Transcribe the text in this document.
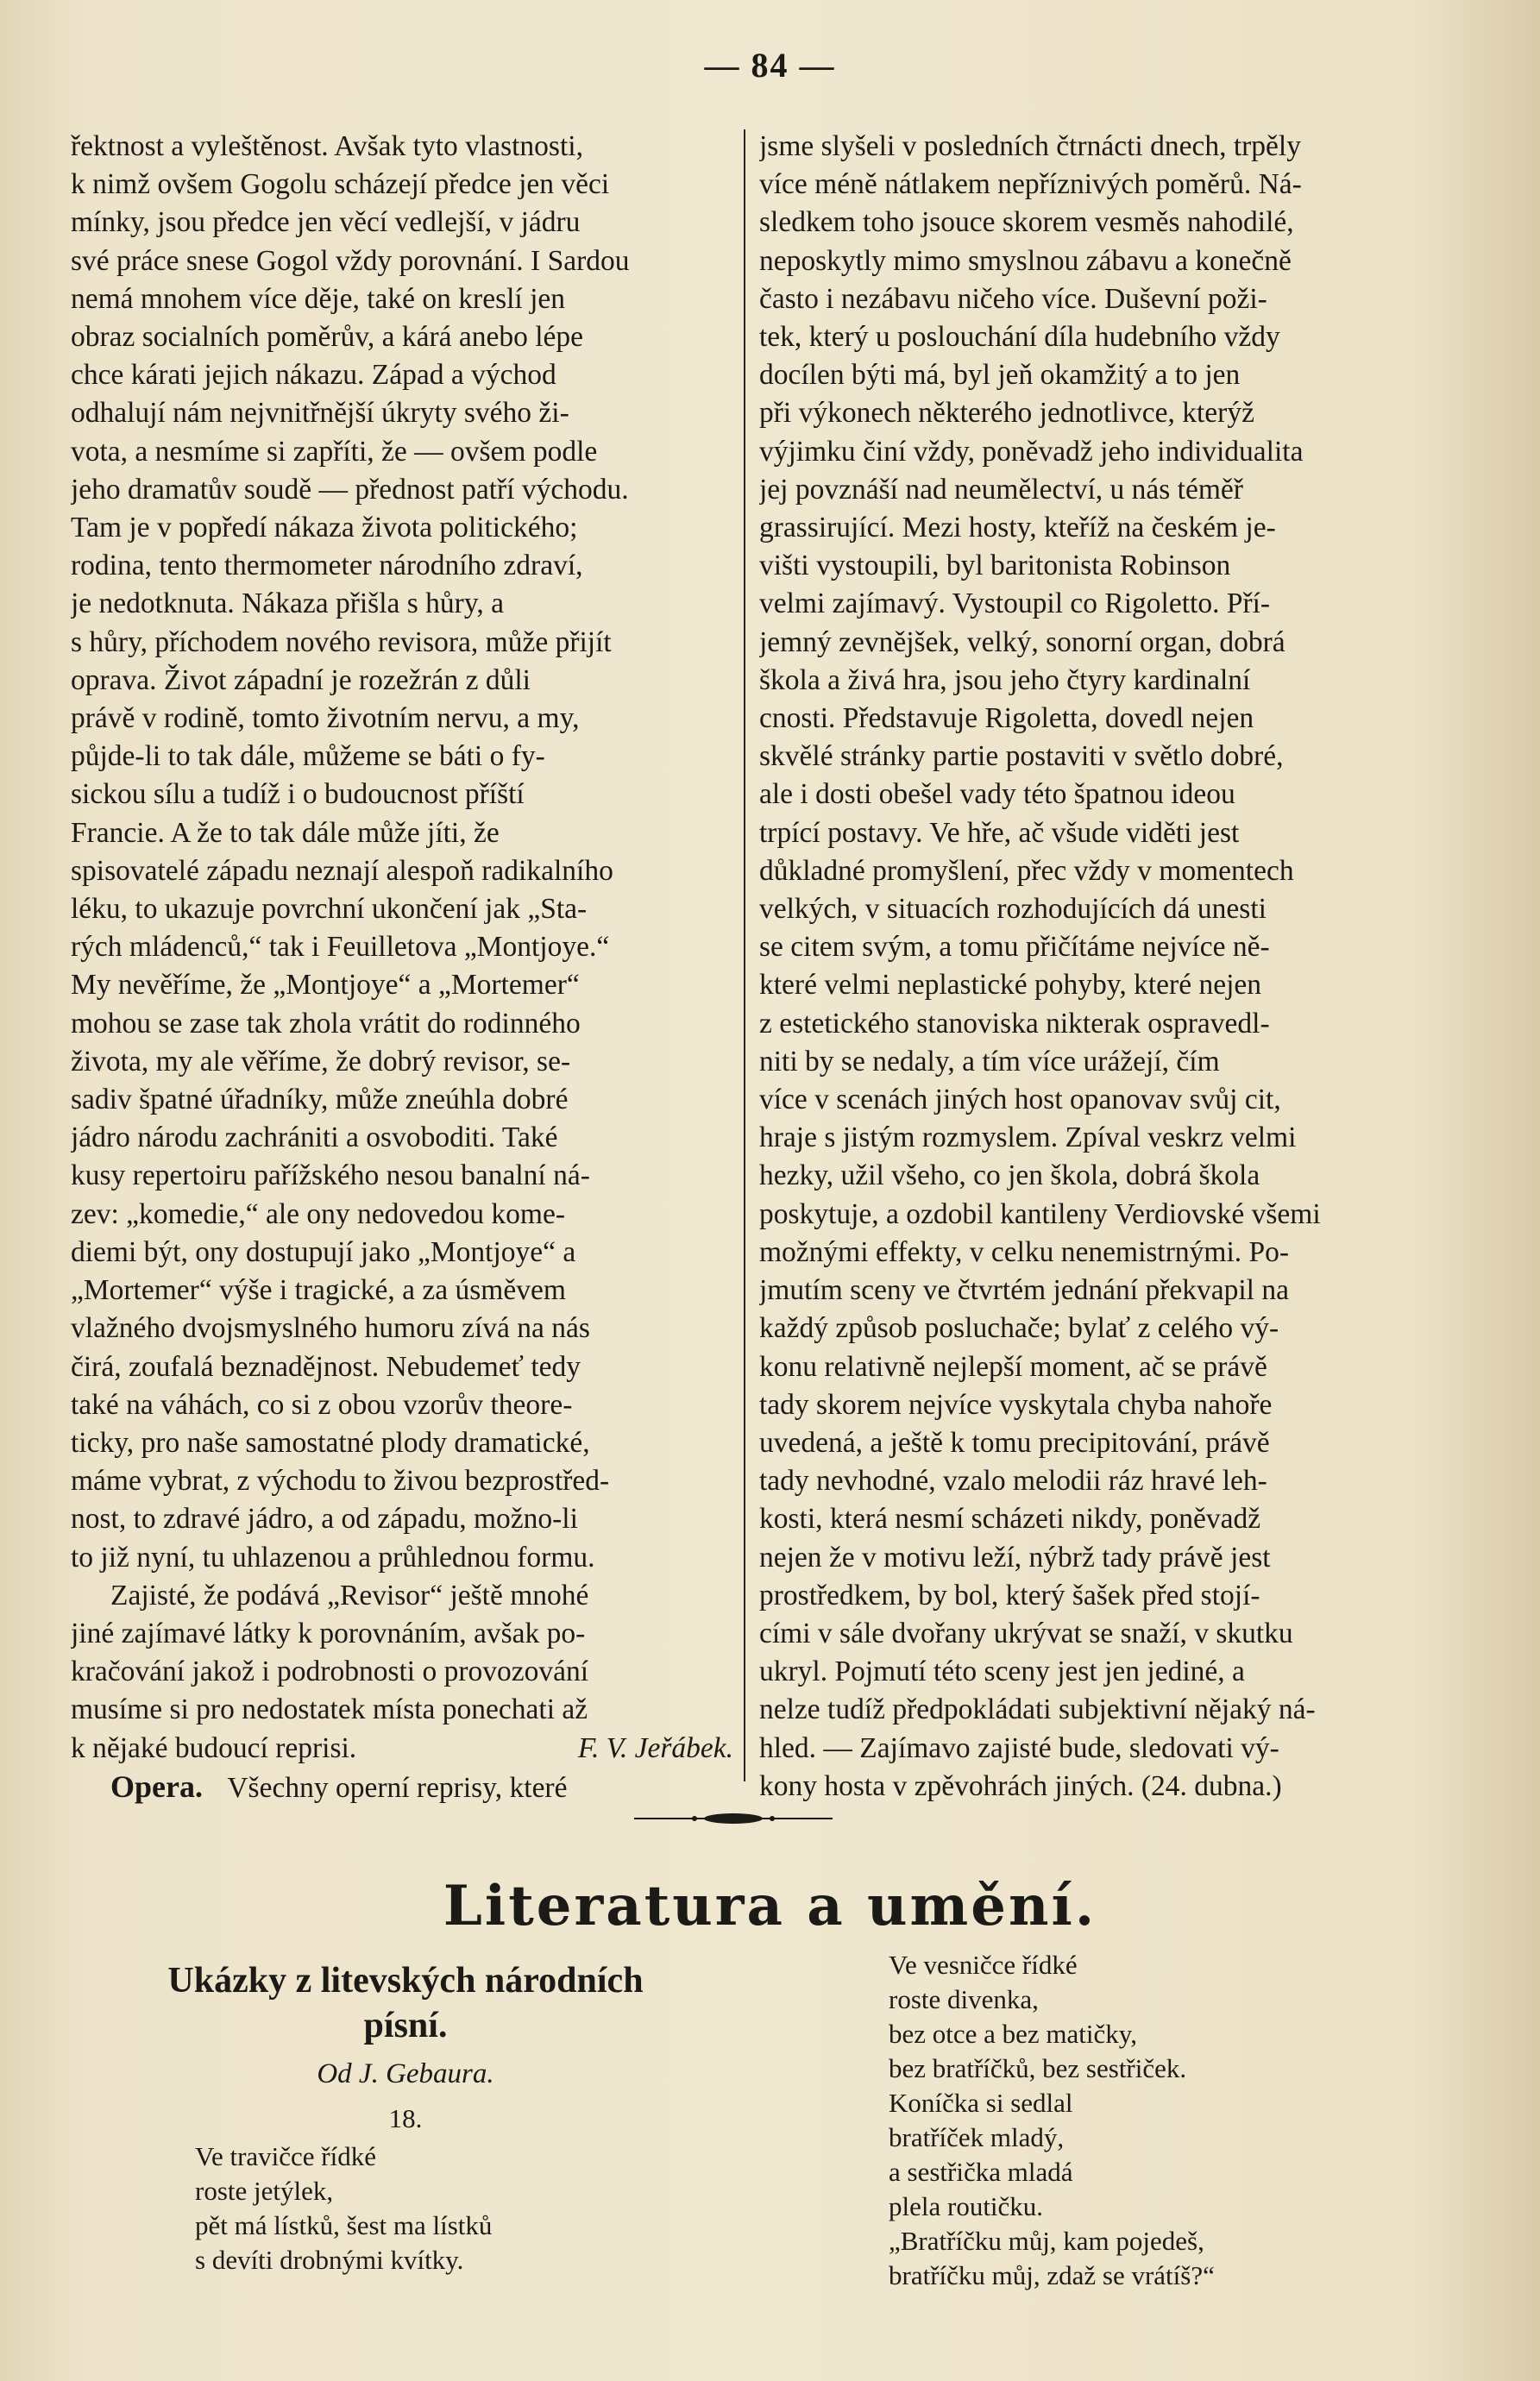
— 84 —
řektnost a vyleštěnost. Avšak tyto vlastnosti,
k nimž ovšem Gogolu scházejí předce jen věci
mínky, jsou předce jen věcí vedlejší, v jádru
své práce snese Gogol vždy porovnání. I Sardou
nemá mnohem více děje, také on kreslí jen
obraz socialních poměrův, a kárá anebo lépe
chce kárati jejich nákazu. Západ a východ
odhalují nám nejvnitřnější úkryty svého ži-
vota, a nesmíme si zapříti, že — ovšem podle
jeho dramatův soudě — přednost patří východu.
Tam je v popředí nákaza života politického;
rodina, tento thermometer národního zdraví,
je nedotknuta. Nákaza přišla s hůry, a
s hůry, příchodem nového revisora, může přijít
oprava. Život západní je rozežrán z důli
právě v rodině, tomto životním nervu, a my,
půjde-li to tak dále, můžeme se báti o fy-
sickou sílu a tudíž i o budoucnost příští
Francie. A že to tak dále může jíti, že
spisovatelé západu neznají alespoň radikalního
léku, to ukazuje povrchní ukončení jak „Sta-
rých mládenců,“ tak i Feuilletova „Montjoye.“
My nevěříme, že „Montjoye“ a „Mortemer“
mohou se zase tak zhola vrátit do rodinného
života, my ale věříme, že dobrý revisor, se-
sadiv špatné úřadníky, může zneúhla dobré
jádro národu zachrániti a osvoboditi. Také
kusy repertoiru pařížského nesou banalní ná-
zev: „komedie,“ ale ony nedovedou kome-
diemi být, ony dostupují jako „Montjoye“ a
„Mortemer“ výše i tragické, a za úsměvem
vlažného dvojsmyslného humoru zívá na nás
čirá, zoufalá beznadějnost. Nebudemeť tedy
také na váhách, co si z obou vzorův theore-
ticky, pro naše samostatné plody dramatické,
máme vybrat, z východu to živou bezprostřed-
nost, to zdravé jádro, a od západu, možno-li
to již nyní, tu uhlazenou a průhlednou formu.
Zajisté, že podává „Revisor“ ještě mnohé
jiné zajímavé látky k porovnáním, avšak po-
kračování jakož i podrobnosti o provozování
musíme si pro nedostatek místa ponechati až
k nějaké budoucí reprisi.	F. V. Jeřábek.
Opera. Všechny operní reprisy, které
jsme slyšeli v posledních čtrnácti dnech, trpěly
více méně nátlakem nepříznivých poměrů. Ná-
sledkem toho jsouce skorem vesměs nahodilé,
neposkytly mimo smyslnou zábavu a konečně
často i nezábavu ničeho více. Duševní poži-
tek, který u poslouchání díla hudebního vždy
docílen býti má, byl jeň okamžitý a to jen
při výkonech některého jednotlivce, kterýž
výjimku činí vždy, poněvadž jeho individualita
jej povznáší nad neumělectví, u nás téměř
grassirující. Mezi hosty, kteříž na českém je-
višti vystoupili, byl baritonista Robinson
velmi zajímavý. Vystoupil co Rigoletto. Pří-
jemný zevnějšek, velký, sonorní organ, dobrá
škola a živá hra, jsou jeho čtyry kardinalní
cnosti. Představuje Rigoletta, dovedl nejen
skvělé stránky partie postaviti v světlo dobré,
ale i dosti obešel vady této špatnou ideou
trpící postavy. Ve hře, ač všude viděti jest
důkladné promyšlení, přec vždy v momentech
velkých, v situacích rozhodujících dá unesti
se citem svým, a tomu přičítáme nejvíce ně-
které velmi neplastické pohyby, které nejen
z estetického stanoviska nikterak ospravedl-
niti by se nedaly, a tím více urážejí, čím
více v scenách jiných host opanovav svůj cit,
hraje s jistým rozmyslem. Zpíval veskrz velmi
hezky, užil všeho, co jen škola, dobrá škola
poskytuje, a ozdobil kantileny Verdiovské všemi
možnými effekty, v celku nenemistrnými. Po-
jmutím sceny ve čtvrtém jednání překvapil na
každý způsob posluchače; bylať z celého vý-
konu relativně nejlepší moment, ač se právě
tady skorem nejvíce vyskytala chyba nahoře
uvedená, a ještě k tomu precipitování, právě
tady nevhodné, vzalo melodii ráz hravé leh-
kosti, která nesmí scházeti nikdy, poněvadž
nejen že v motivu leží, nýbrž tady právě jest
prostředkem, by bol, který šašek před stojí-
cími v sále dvořany ukrývat se snaží, v skutku
ukryl. Pojmutí této sceny jest jen jediné, a
nelze tudíž předpokládati subjektivní nějaký ná-
hled. — Zajímavo zajisté bude, sledovati vý-
kony hosta v zpěvohrách jiných. (24. dubna.)
Literatura a umění.
Ukázky z litevských národních
písní.
Od J. Gebaura.
18.
Ve travičce řídké
roste jetýlek,
pět má lístků, šest ma lístků
s devíti drobnými kvítky.
Ve vesničce řídké
roste divenka,
bez otce a bez matičky,
bez bratříčků, bez sestřiček.
Koníčka si sedlal
bratříček mladý,
a sestřička mladá
plela routičku.
„Bratříčku můj, kam pojedeš,
bratříčku můj, zdaž se vrátíš?“
